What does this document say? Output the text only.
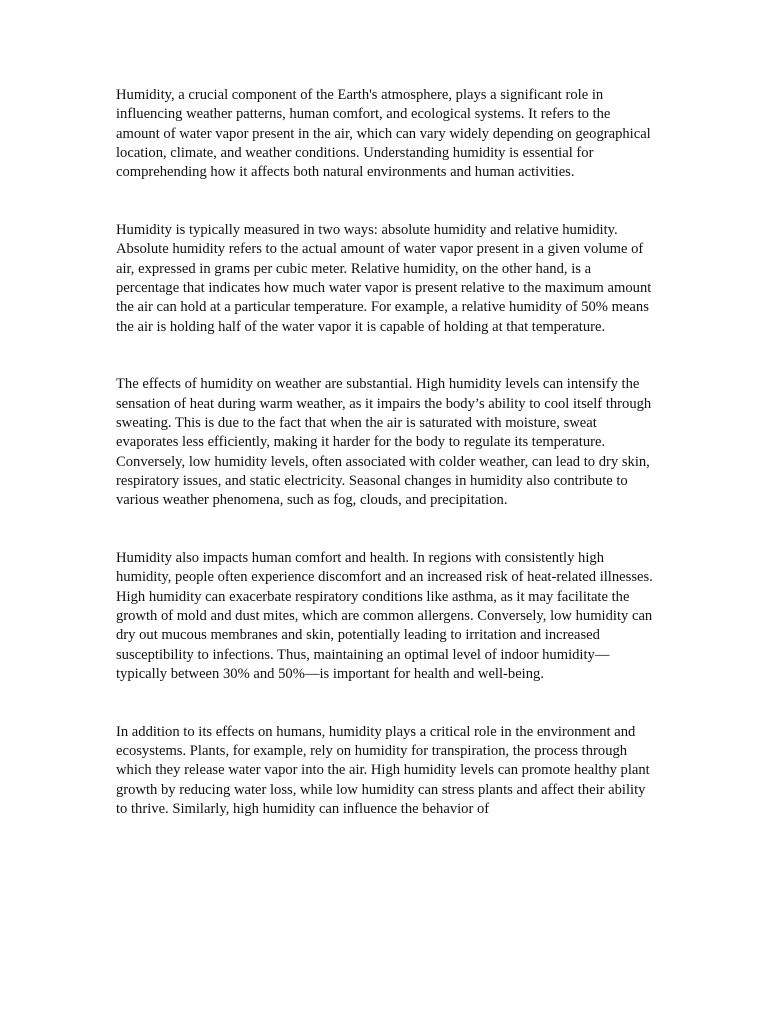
Humidity, a crucial component of the Earth's atmosphere, plays a significant role in influencing weather patterns, human comfort, and ecological systems. It refers to the amount of water vapor present in the air, which can vary widely depending on geographical location, climate, and weather conditions. Understanding humidity is essential for comprehending how it affects both natural environments and human activities.

Humidity is typically measured in two ways: absolute humidity and relative humidity. Absolute humidity refers to the actual amount of water vapor present in a given volume of air, expressed in grams per cubic meter. Relative humidity, on the other hand, is a percentage that indicates how much water vapor is present relative to the maximum amount the air can hold at a particular temperature. For example, a relative humidity of 50% means the air is holding half of the water vapor it is capable of holding at that temperature.

The effects of humidity on weather are substantial. High humidity levels can intensify the sensation of heat during warm weather, as it impairs the body’s ability to cool itself through sweating. This is due to the fact that when the air is saturated with moisture, sweat evaporates less efficiently, making it harder for the body to regulate its temperature. Conversely, low humidity levels, often associated with colder weather, can lead to dry skin, respiratory issues, and static electricity. Seasonal changes in humidity also contribute to various weather phenomena, such as fog, clouds, and precipitation.

Humidity also impacts human comfort and health. In regions with consistently high humidity, people often experience discomfort and an increased risk of heat-related illnesses. High humidity can exacerbate respiratory conditions like asthma, as it may facilitate the growth of mold and dust mites, which are common allergens. Conversely, low humidity can dry out mucous membranes and skin, potentially leading to irritation and increased susceptibility to infections. Thus, maintaining an optimal level of indoor humidity—typically between 30% and 50%—is important for health and well-being.

In addition to its effects on humans, humidity plays a critical role in the environment and ecosystems. Plants, for example, rely on humidity for transpiration, the process through which they release water vapor into the air. High humidity levels can promote healthy plant growth by reducing water loss, while low humidity can stress plants and affect their ability to thrive. Similarly, high humidity can influence the behavior of
